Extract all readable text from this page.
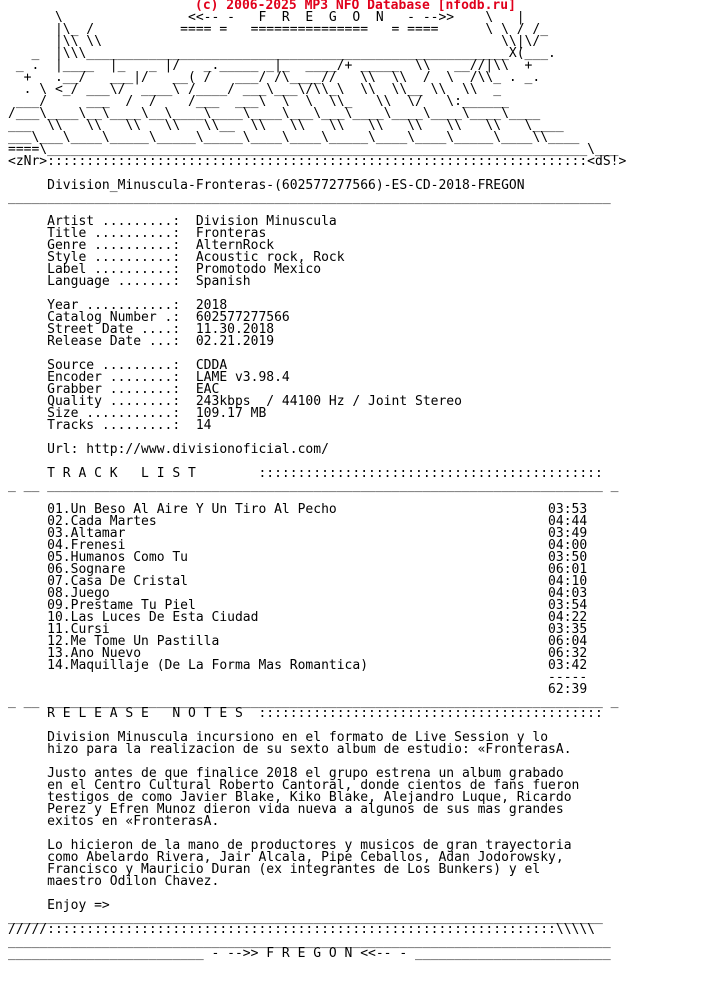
(c) 2006-2025 MP3 NFO Database [nfodb.ru]
\                <<-- -   F  R  E  G  O  N   - -->>    \   |
|\_ /           ==== =   ===============   = ====      \ \ / /_
|\\ \\                                                   \\|\/
_  |\\\______________________________________________________X(___.
_ .  |____  |_   _ |/   _._____ _|_  ____/+ _____  \\   __//|\\  +
+   .__/   ___|/   __( /   ___/ /\____//   \\  \\  /  \  /\\_ . _.
. \ <_/ ___\/  ____\ /____/ ___\___\/\\_\  \\  \\__ \\  \\  _
___/     ___  /  /    /___  ___\  \  \  \\_   \\  \/   \:______
/___\____\__\____\__\____\____\____\___\___\____\____\____\____\____
___  \\   \\   \\   \\   \\__  \\   \\   \\   \\   \\   \\   \\   \____
___\___\____\_____\_____\_____\____\____\_____\____\____\_____\____\\____
====\_____________________________________________________________________\___
<zNr>:::::::::::::::::::::::::::::::::::::::::::::::::::::::::::::::::::::<dS!>
Division_Minuscula-Fronteras-(602577277566)-ES-CD-2018-FREGON
_____________________________________________________________________________
Artist .........:  Division Minuscula
Title ..........:  Fronteras
Genre ..........:  AlternRock
Style ..........:  Acoustic rock, Rock
Label ..........:  Promotodo Mexico
Language .......:  Spanish
Year ...........:  2018
Catalog Number .:  602577277566
Street Date ....:  11.30.2018
Release Date ...:  02.21.2019
Source .........:  CDDA
Encoder ........:  LAME v3.98.4
Grabber ........:  EAC
Quality ........:  243kbps  / 44100 Hz / Joint Stereo
Size ...........:  109.17 MB
Tracks .........:  14
Url: http://www.divisionoficial.com/
T R A C K   L I S T        ::::::::::::::::::::::::::::::::::::::::::::
_ __ _______________________________________________________________________ _
01.Un Beso Al Aire Y Un Tiro Al Pecho                           03:53
02.Cada Martes                                                  04:44
03.Altamar                                                      03:49
04.Frenesi                                                      04:00
05.Humanos Como Tu                                              03:50
06.Sognare                                                      06:01
07.Casa De Cristal                                              04:10
08.Juego                                                        04:03
09.Prestame Tu Piel                                             03:54
10.Las Luces De Esta Ciudad                                     04:22
11.Cursi                                                        03:35
12.Me Tome Un Pastilla                                          06:04
13.Ano Nuevo                                                    06:32
14.Maquillaje (De La Forma Mas Romantica)                       03:42
-----
62:39
_ __ _______________________________________________________________________ _
R E L E A S E   N O T E S  ::::::::::::::::::::::::::::::::::::::::::::
Division Minuscula incursiono en el formato de Live Session y lo
hizo para la realizacion de su sexto album de estudio: «FronterasA.
Justo antes de que finalice 2018 el grupo estrena un album grabado
en el Centro Cultural Roberto Cantoral, donde cientos de fans fueron
testigos de como Javier Blake, Kiko Blake, Alejandro Luque, Ricardo
Perez y Efren Munoz dieron vida nueva a algunos de sus mas grandes
exitos en «FronterasA.
Lo hicieron de la mano de productores y musicos de gran trayectoria
como Abelardo Rivera, Jair Alcala, Pipe Ceballos, Adan Jodorowsky,
Francisco y Mauricio Duran (ex integrantes de Los Bunkers) y el
maestro Odilon Chavez.
Enjoy =>
____________________________________________________________________________
/////:::::::::::::::::::::::::::::::::::::::::::::::::::::::::::::::::\\\\\
_____________________________________________________________________________
_________________________ - -->> F R E G O N <<-- - _________________________
